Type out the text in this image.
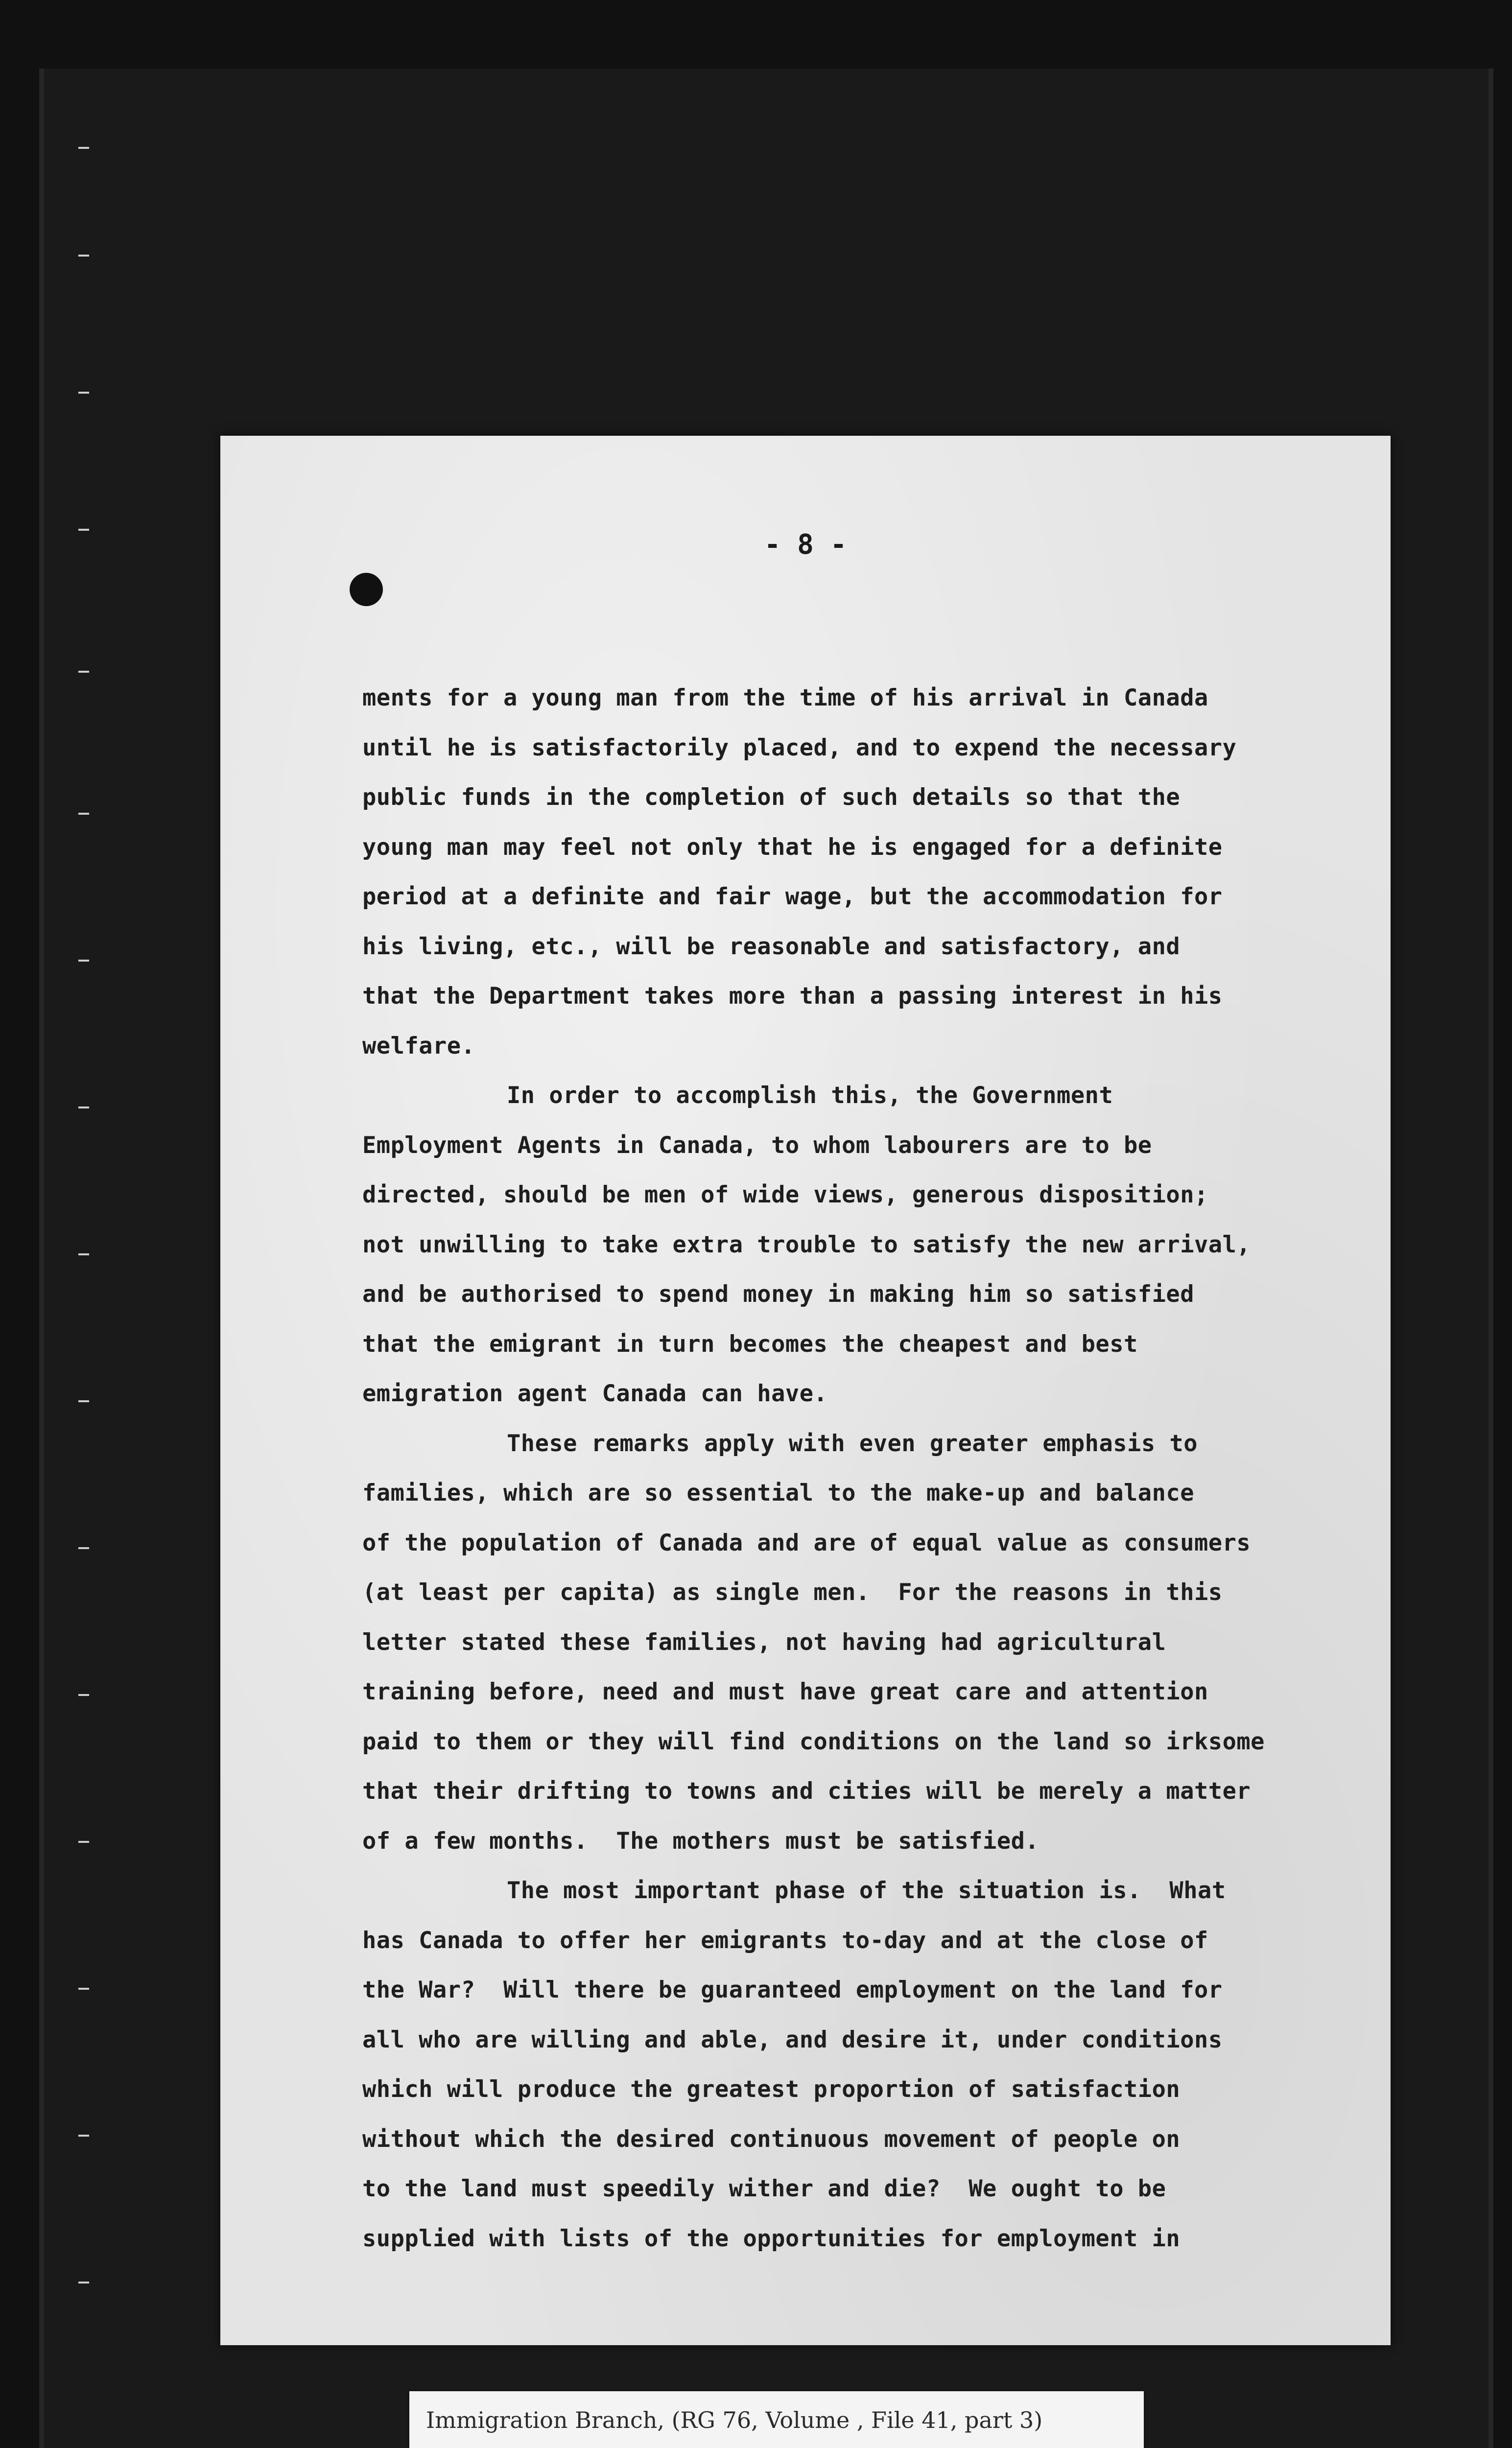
- 8 -
ments for a young man from the time of his arrival in Canada
until he is satisfactorily placed, and to expend the necessary
public funds in the completion of such details so that the
young man may feel not only that he is engaged for a definite
period at a definite and fair wage, but the accommodation for
his living, etc., will be reasonable and satisfactory, and
that the Department takes more than a passing interest in his
welfare.
In order to accomplish this, the Government
Employment Agents in Canada, to whom labourers are to be
directed, should be men of wide views, generous disposition;
not unwilling to take extra trouble to satisfy the new arrival,
and be authorised to spend money in making him so satisfied
that the emigrant in turn becomes the cheapest and best
emigration agent Canada can have.
These remarks apply with even greater emphasis to
families, which are so essential to the make-up and balance
of the population of Canada and are of equal value as consumers
(at least per capita) as single men.  For the reasons in this
letter stated these families, not having had agricultural
training before, need and must have great care and attention
paid to them or they will find conditions on the land so irksome
that their drifting to towns and cities will be merely a matter
of a few months.  The mothers must be satisfied.
The most important phase of the situation is.  What
has Canada to offer her emigrants to-day and at the close of
the War?  Will there be guaranteed employment on the land for
all who are willing and able, and desire it, under conditions
which will produce the greatest proportion of satisfaction
without which the desired continuous movement of people on
to the land must speedily wither and die?  We ought to be
supplied with lists of the opportunities for employment in
Immigration Branch, (RG 76, Volume , File 41, part 3)
